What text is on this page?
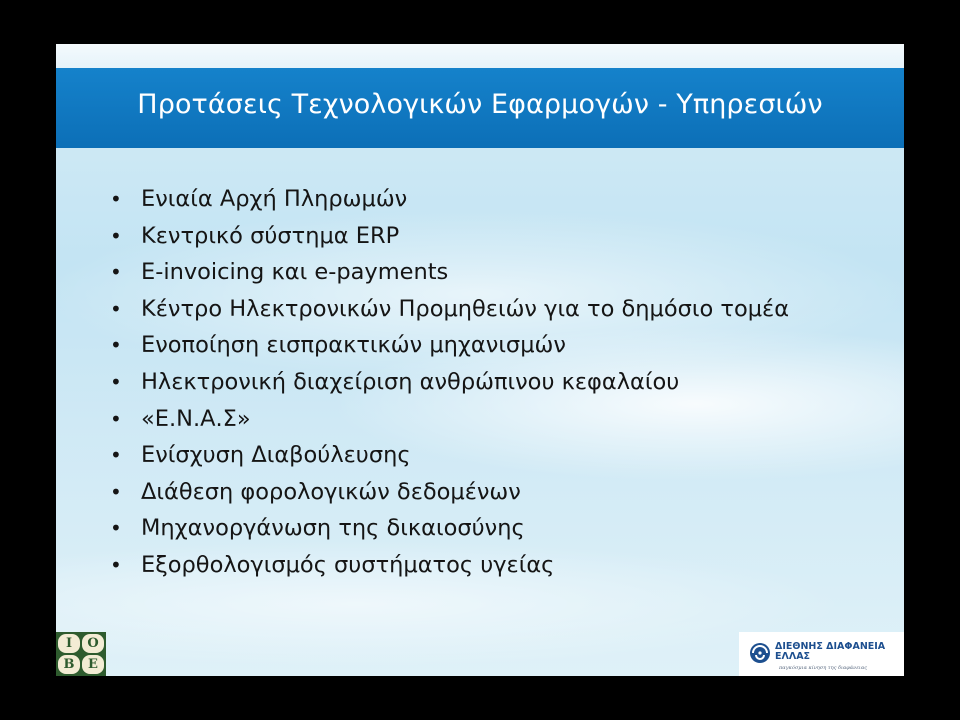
Προτάσεις Τεχνολογικών Εφαρμογών - Υπηρεσιών
• Ενιαία Αρχή Πληρωμών
• Κεντρικό σύστημα ERP
• E-invoicing και e-payments
• Κέντρο Ηλεκτρονικών Προμηθειών για το δημόσιο τομέα
• Ενοποίηση εισπρακτικών μηχανισμών
• Ηλεκτρονική διαχείριση ανθρώπινου κεφαλαίου
• «Ε.Ν.Α.Σ»
• Ενίσχυση Διαβούλευσης
• Διάθεση φορολογικών δεδομένων
• Μηχανοργάνωση της δικαιοσύνης
• Εξορθολογισμός συστήματος υγείας
Ι	Ο
Β	Ε
ΔΙΕΘΝΗΣ ΔΙΑΦΑΝΕΙΑ
ΕΛΛΑΣ
παγκόσμια κίνηση της διαφάνειας
